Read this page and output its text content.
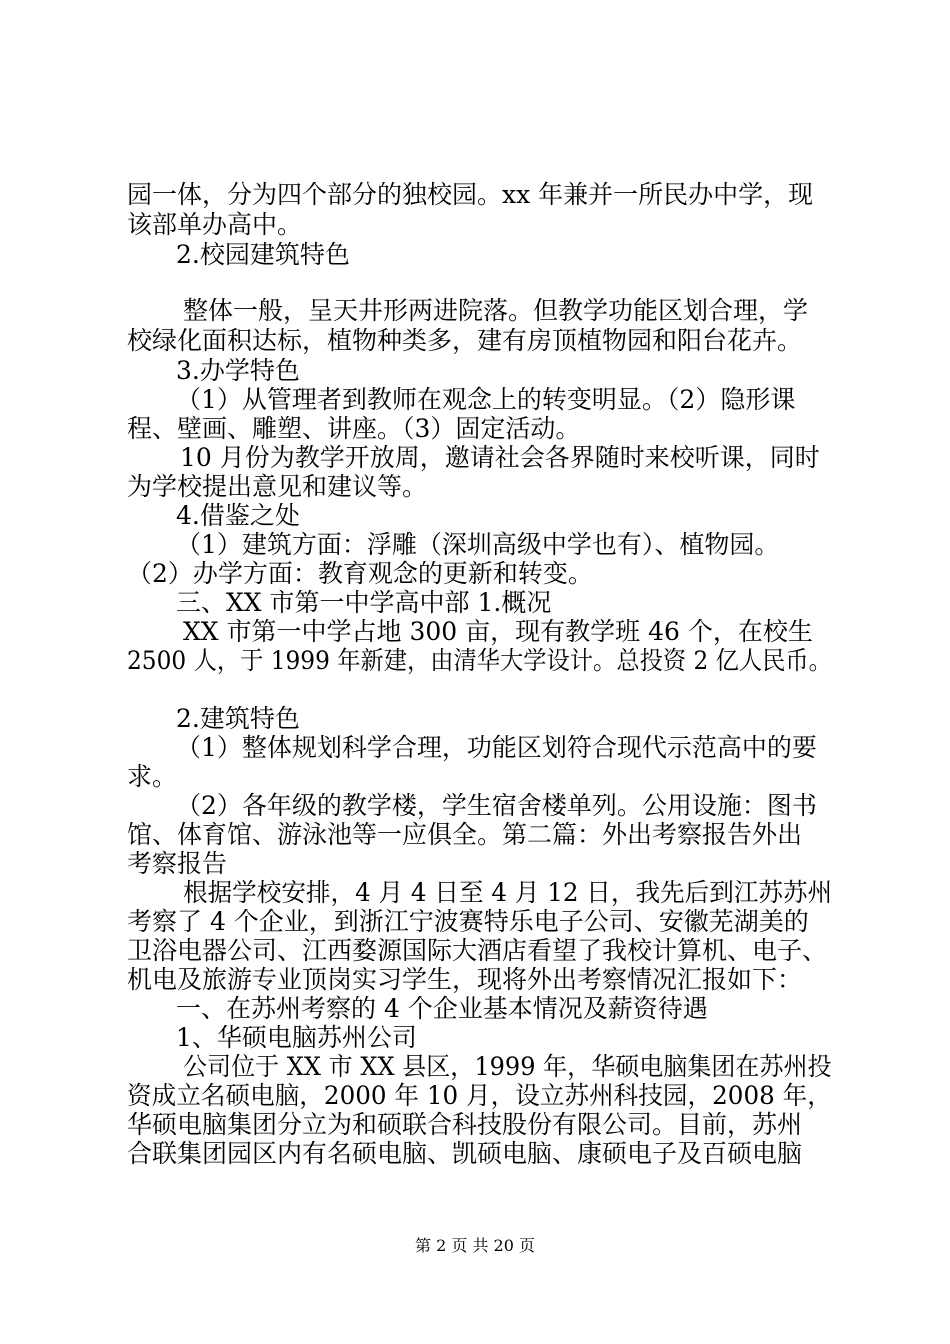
园一体，分为四个部分的独校园。xx 年兼并一所民办中学，现
该部单办高中。
2.校园建筑特色
整体一般，呈天井形两进院落。但教学功能区划合理，学
校绿化面积达标，植物种类多，建有房顶植物园和阳台花卉。
3.办学特色
（1）从管理者到教师在观念上的转变明显。（2）隐形课
程、壁画、雕塑、讲座。（3）固定活动。
10 月份为教学开放周，邀请社会各界随时来校听课，同时
为学校提出意见和建议等。
4.借鉴之处
（1）建筑方面：浮雕（深圳高级中学也有）、植物园。
（2）办学方面：教育观念的更新和转变。
三、XX 市第一中学高中部 1.概况
XX 市第一中学占地 300 亩，现有教学班 46 个，在校生
2500 人，于 1999 年新建，由清华大学设计。总投资 2 亿人民币。
2.建筑特色
（1）整体规划科学合理，功能区划符合现代示范高中的要
求。
（2）各年级的教学楼，学生宿舍楼单列。公用设施：图书
馆、体育馆、游泳池等一应俱全。第二篇：外出考察报告外出
考察报告
根据学校安排，4 月 4 日至 4 月 12 日，我先后到江苏苏州
考察了 4 个企业，到浙江宁波赛特乐电子公司、安徽芜湖美的
卫浴电器公司、江西婺源国际大酒店看望了我校计算机、电子、
机电及旅游专业顶岗实习学生，现将外出考察情况汇报如下：
一、在苏州考察的 4 个企业基本情况及薪资待遇
1、华硕电脑苏州公司
公司位于 XX 市 XX 县区，1999 年，华硕电脑集团在苏州投
资成立名硕电脑，2000 年 10 月，设立苏州科技园，2008 年，
华硕电脑集团分立为和硕联合科技股份有限公司。目前，苏州
合联集团园区内有名硕电脑、凯硕电脑、康硕电子及百硕电脑
第 2 页 共 20 页
